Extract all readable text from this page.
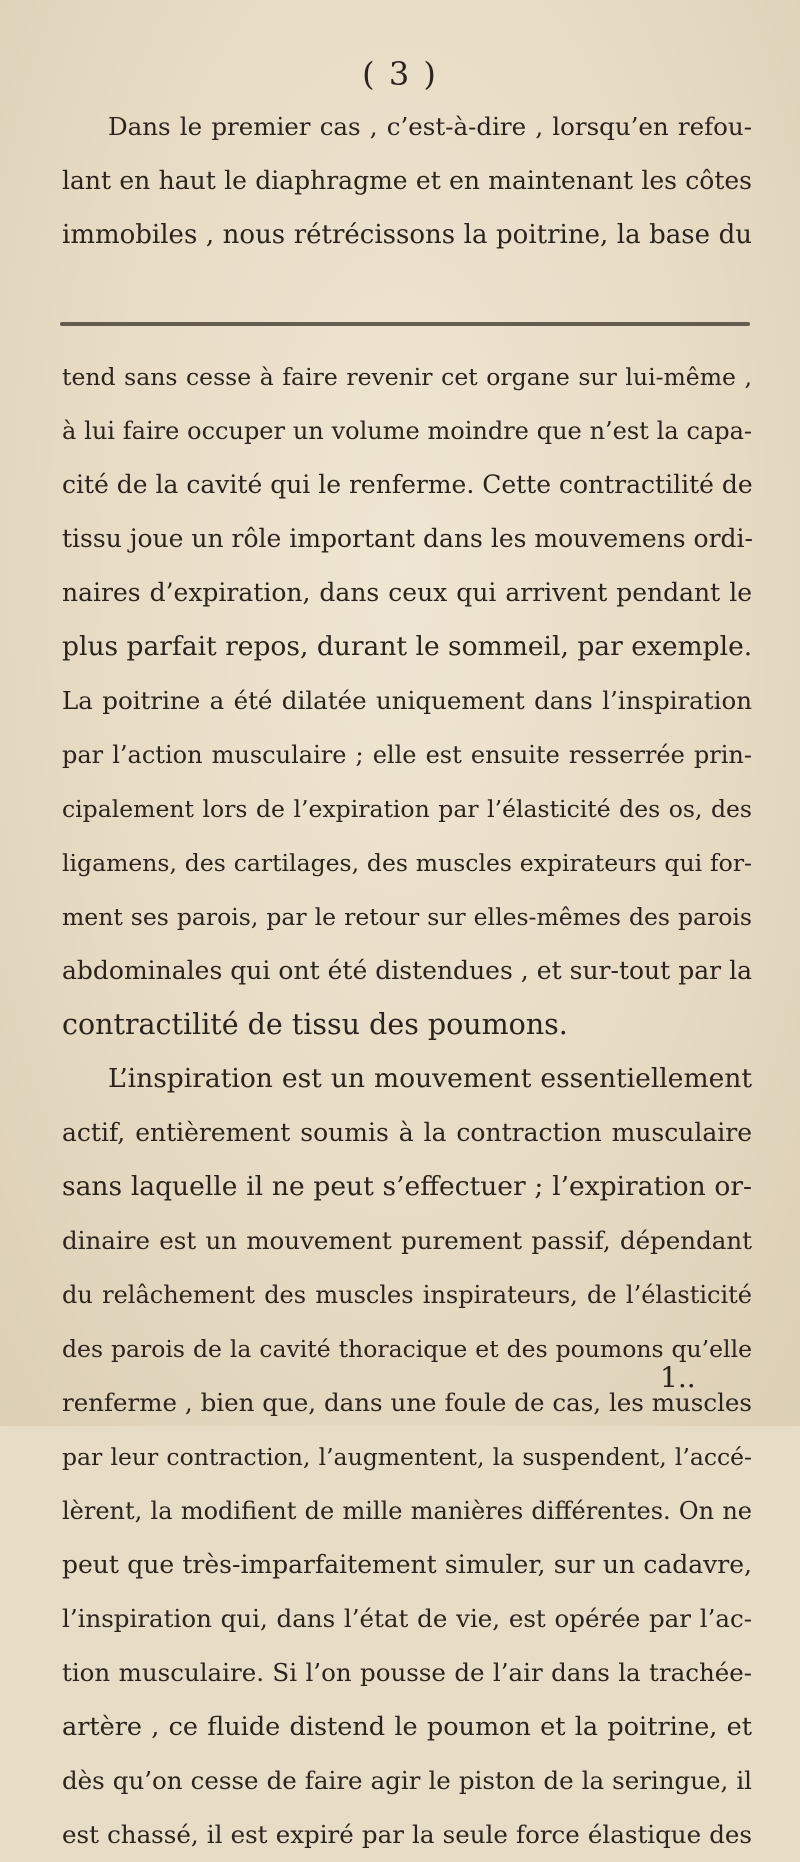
( 3 )
Dans le premier cas , c’est-à-dire , lorsqu’en refou-
lant en haut le diaphragme et en maintenant les côtes
immobiles , nous rétrécissons la poitrine, la base du
tend sans cesse à faire revenir cet organe sur lui-même ,
à lui faire occuper un volume moindre que n’est la capa-
cité de la cavité qui le renferme. Cette contractilité de
tissu joue un rôle important dans les mouvemens ordi-
naires d’expiration, dans ceux qui arrivent pendant le
plus parfait repos, durant le sommeil, par exemple.
La poitrine a été dilatée uniquement dans l’inspiration
par l’action musculaire ; elle est ensuite resserrée prin-
cipalement lors de l’expiration par l’élasticité des os, des
ligamens, des cartilages, des muscles expirateurs qui for-
ment ses parois, par le retour sur elles-mêmes des parois
abdominales qui ont été distendues , et sur-tout par la
contractilité de tissu des poumons.
L’inspiration est un mouvement essentiellement
actif, entièrement soumis à la contraction musculaire
sans laquelle il ne peut s’effectuer ; l’expiration or-
dinaire est un mouvement purement passif, dépendant
du relâchement des muscles inspirateurs, de l’élasticité
des parois de la cavité thoracique et des poumons qu’elle
renferme , bien que, dans une foule de cas, les muscles
par leur contraction, l’augmentent, la suspendent, l’accé-
lèrent, la modifient de mille manières différentes. On ne
peut que très-imparfaitement simuler, sur un cadavre,
l’inspiration qui, dans l’état de vie, est opérée par l’ac-
tion musculaire. Si l’on pousse de l’air dans la trachée-
artère , ce fluide distend le poumon et la poitrine, et
dès qu’on cesse de faire agir le piston de la seringue, il
est chassé, il est expiré par la seule force élastique des
1..
